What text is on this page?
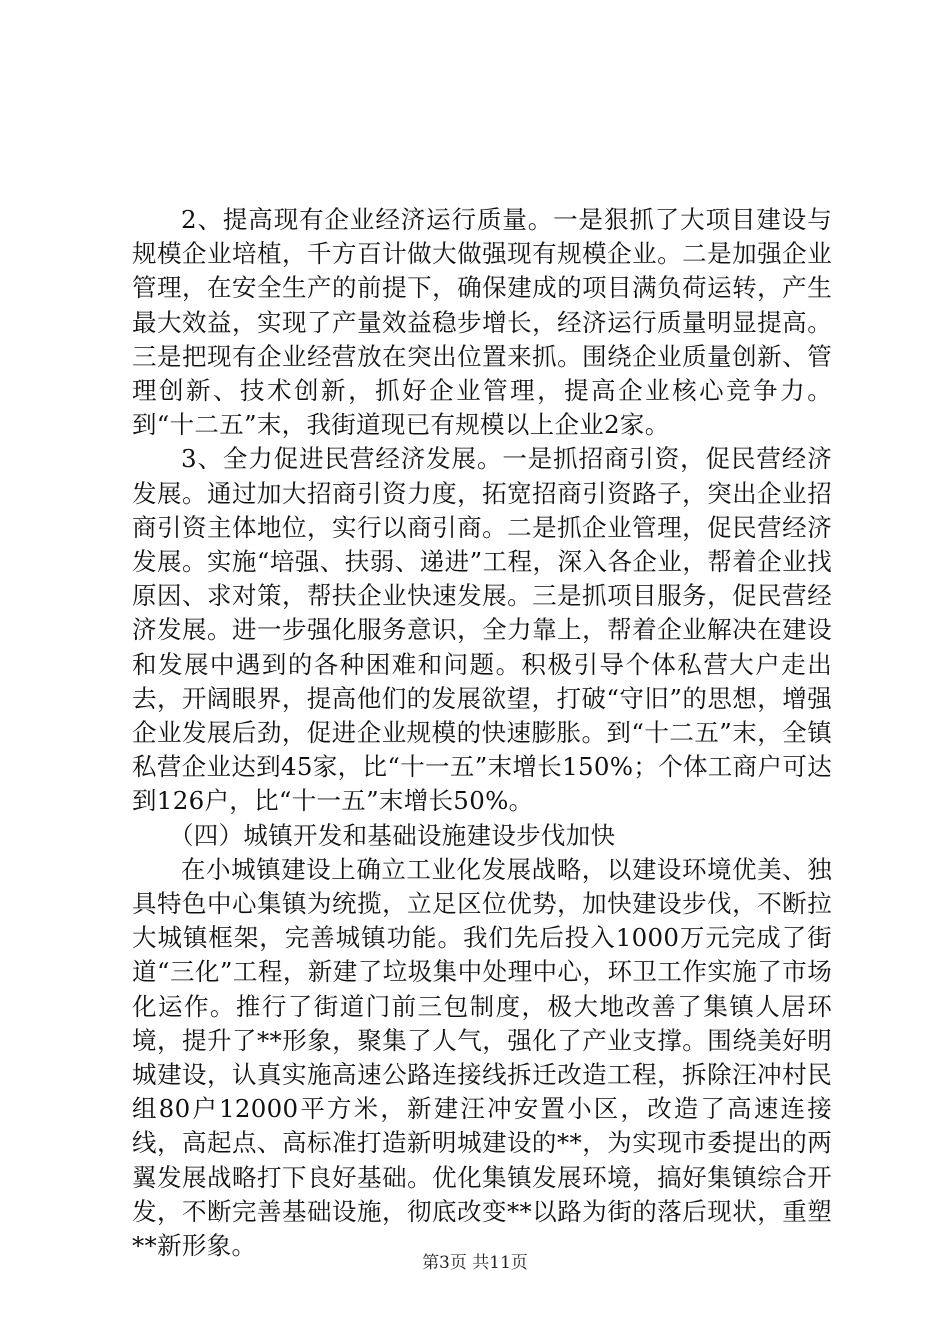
2、提高现有企业经济运行质量。一是狠抓了大项目建设与规模企业培植，千方百计做大做强现有规模企业。二是加强企业管理，在安全生产的前提下，确保建成的项目满负荷运转，产生最大效益，实现了产量效益稳步增长，经济运行质量明显提高。三是把现有企业经营放在突出位置来抓。围绕企业质量创新、管理创新、技术创新，抓好企业管理，提高企业核心竞争力。到“十二五”末，我街道现已有规模以上企业2家。

3、全力促进民营经济发展。一是抓招商引资，促民营经济发展。通过加大招商引资力度，拓宽招商引资路子，突出企业招商引资主体地位，实行以商引商。二是抓企业管理，促民营经济发展。实施“培强、扶弱、递进”工程，深入各企业，帮着企业找原因、求对策，帮扶企业快速发展。三是抓项目服务，促民营经济发展。进一步强化服务意识，全力靠上，帮着企业解决在建设和发展中遇到的各种困难和问题。积极引导个体私营大户走出去，开阔眼界，提高他们的发展欲望，打破“守旧”的思想，增强企业发展后劲，促进企业规模的快速膨胀。到“十二五”末，全镇私营企业达到45家，比“十一五”末增长150%；个体工商户可达到126户，比“十一五”末增长50%。

（四）城镇开发和基础设施建设步伐加快

在小城镇建设上确立工业化发展战略，以建设环境优美、独具特色中心集镇为统揽，立足区位优势，加快建设步伐，不断拉大城镇框架，完善城镇功能。我们先后投入1000万元完成了街道“三化”工程，新建了垃圾集中处理中心，环卫工作实施了市场化运作。推行了街道门前三包制度，极大地改善了集镇人居环境，提升了**形象，聚集了人气，强化了产业支撑。围绕美好明城建设，认真实施高速公路连接线拆迁改造工程，拆除汪冲村民组80户12000平方米，新建汪冲安置小区，改造了高速连接线，高起点、高标准打造新明城建设的**，为实现市委提出的两翼发展战略打下良好基础。优化集镇发展环境，搞好集镇综合开发，不断完善基础设施，彻底改变**以路为街的落后现状，重塑**新形象。

第3页 共11页
